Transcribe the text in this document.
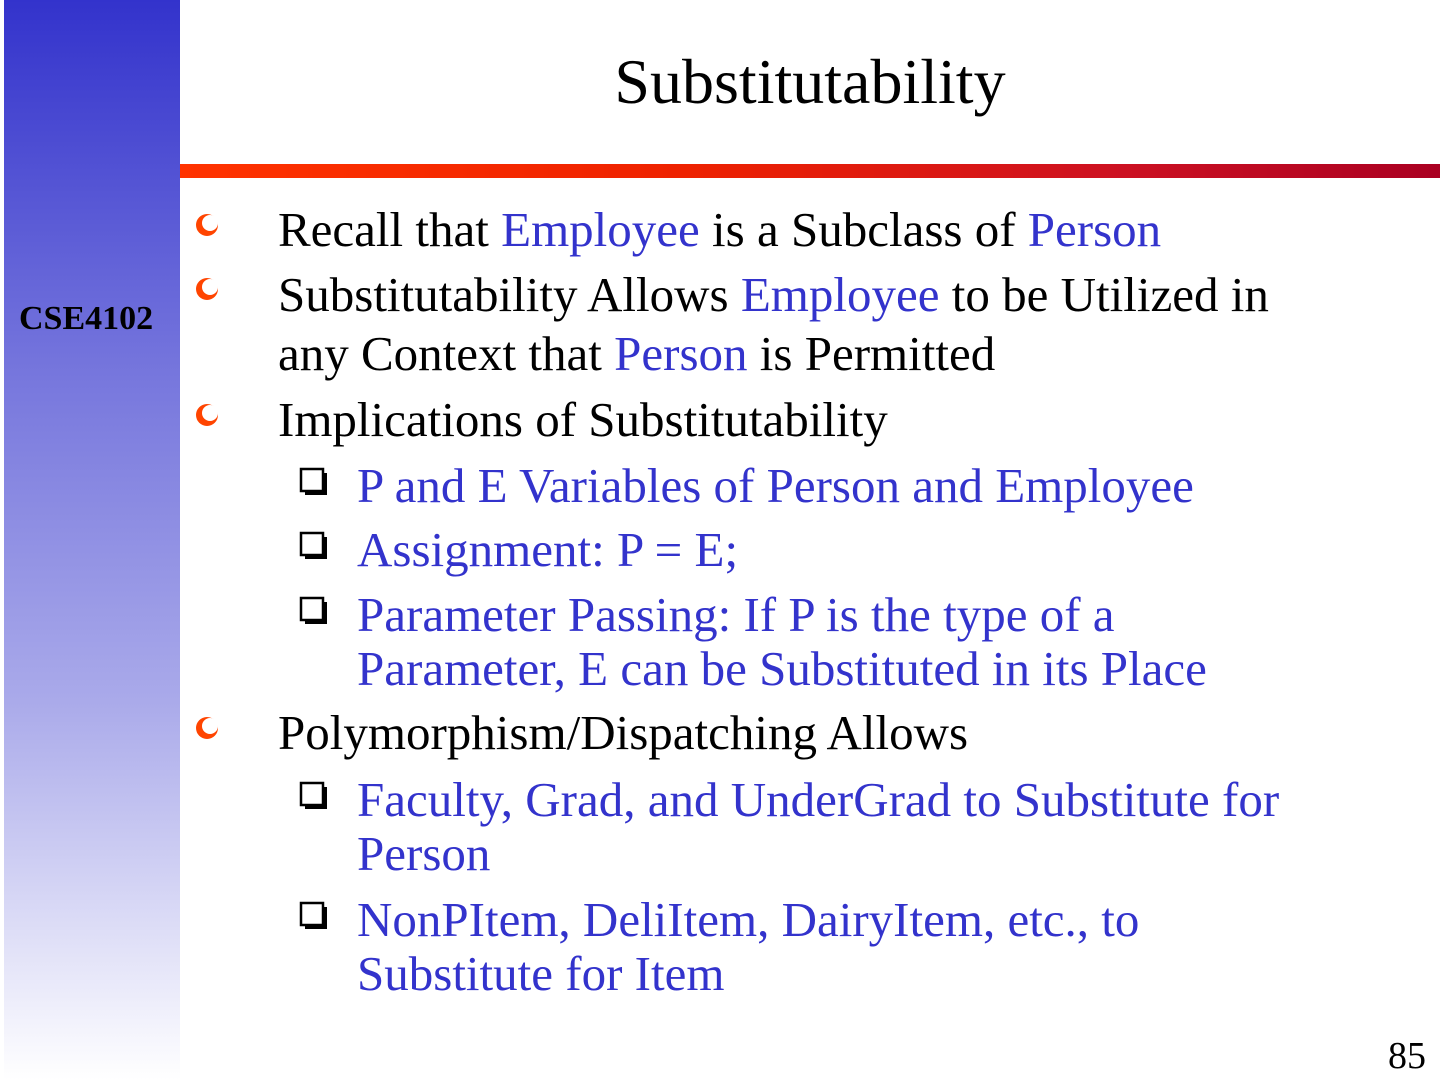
CSE4102
Substitutability
Recall that Employee is a Subclass of Person
Substitutability Allows Employee to be Utilized in
any Context that Person is Permitted
Implications of Substitutability
P and E Variables of Person and Employee
Assignment: P = E;
Parameter Passing: If P is the type of a
Parameter, E can be Substituted in its Place
Polymorphism/Dispatching Allows
Faculty, Grad, and UnderGrad to Substitute for
Person
NonPItem, DeliItem, DairyItem, etc., to
Substitute for Item
85
